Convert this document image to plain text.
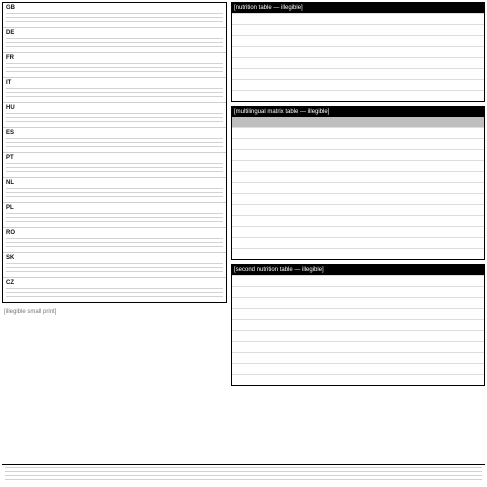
GB
DE
FR
IT
HU
ES
PT
NL
PL
RO
SK
CZ
[illegible small print]
[nutrition table — illegible]
[multilingual matrix table — illegible]
[second nutrition table — illegible]
